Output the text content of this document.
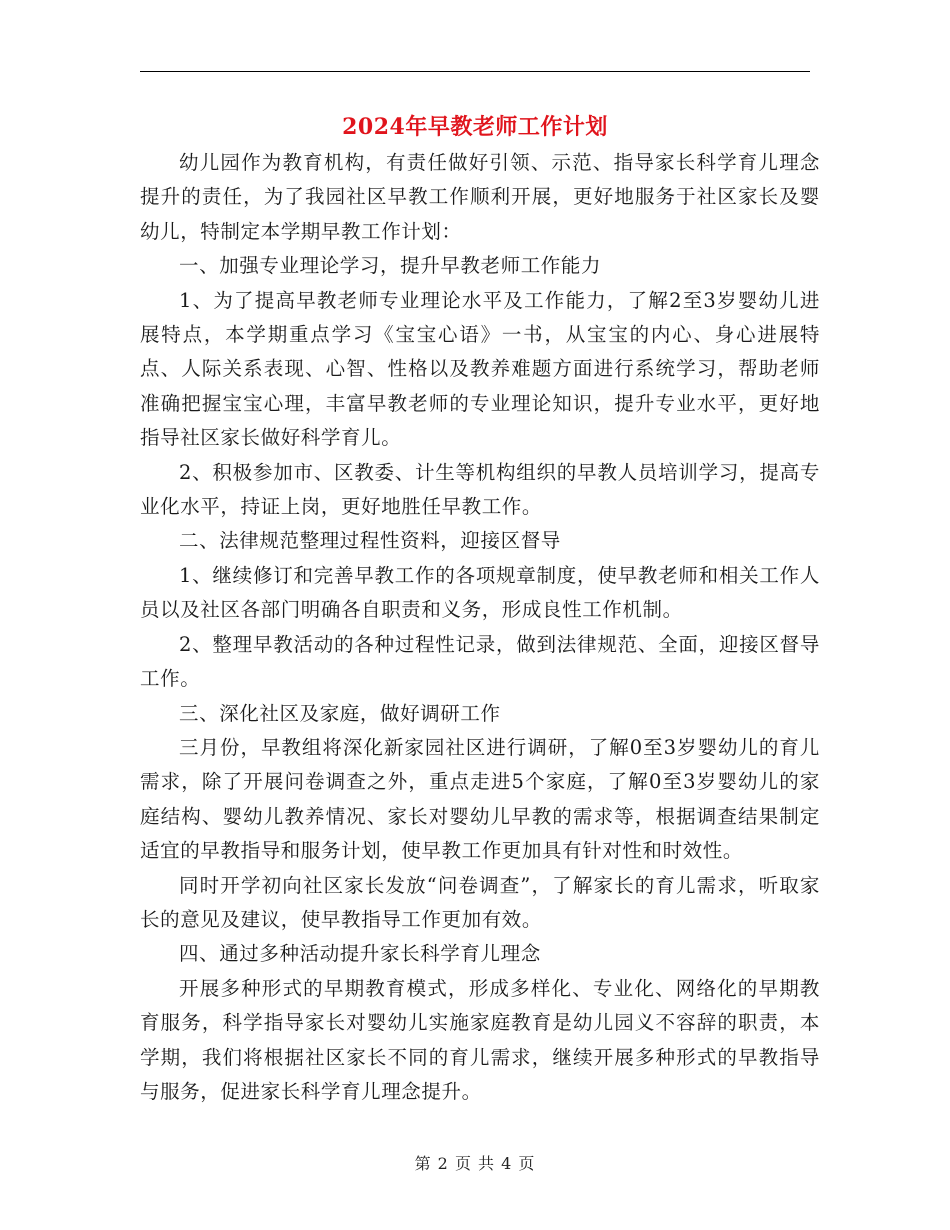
2024年早教老师工作计划

幼儿园作为教育机构，有责任做好引领、示范、指导家长科学育儿理念提升的责任，为了我园社区早教工作顺利开展，更好地服务于社区家长及婴幼儿，特制定本学期早教工作计划：

一、加强专业理论学习，提升早教老师工作能力

1、为了提高早教老师专业理论水平及工作能力，了解2至3岁婴幼儿进展特点，本学期重点学习《宝宝心语》一书，从宝宝的内心、身心进展特点、人际关系表现、心智、性格以及教养难题方面进行系统学习，帮助老师准确把握宝宝心理，丰富早教老师的专业理论知识，提升专业水平，更好地指导社区家长做好科学育儿。

2、积极参加市、区教委、计生等机构组织的早教人员培训学习，提高专业化水平，持证上岗，更好地胜任早教工作。

二、法律规范整理过程性资料，迎接区督导

1、继续修订和完善早教工作的各项规章制度，使早教老师和相关工作人员以及社区各部门明确各自职责和义务，形成良性工作机制。

2、整理早教活动的各种过程性记录，做到法律规范、全面，迎接区督导工作。

三、深化社区及家庭，做好调研工作

三月份，早教组将深化新家园社区进行调研，了解0至3岁婴幼儿的育儿需求，除了开展问卷调查之外，重点走进5个家庭，了解0至3岁婴幼儿的家庭结构、婴幼儿教养情况、家长对婴幼儿早教的需求等，根据调查结果制定适宜的早教指导和服务计划，使早教工作更加具有针对性和时效性。

同时开学初向社区家长发放“问卷调查”，了解家长的育儿需求，听取家长的意见及建议，使早教指导工作更加有效。

四、通过多种活动提升家长科学育儿理念

开展多种形式的早期教育模式，形成多样化、专业化、网络化的早期教育服务，科学指导家长对婴幼儿实施家庭教育是幼儿园义不容辞的职责，本学期，我们将根据社区家长不同的育儿需求，继续开展多种形式的早教指导与服务，促进家长科学育儿理念提升。

第 2 页 共 4 页
